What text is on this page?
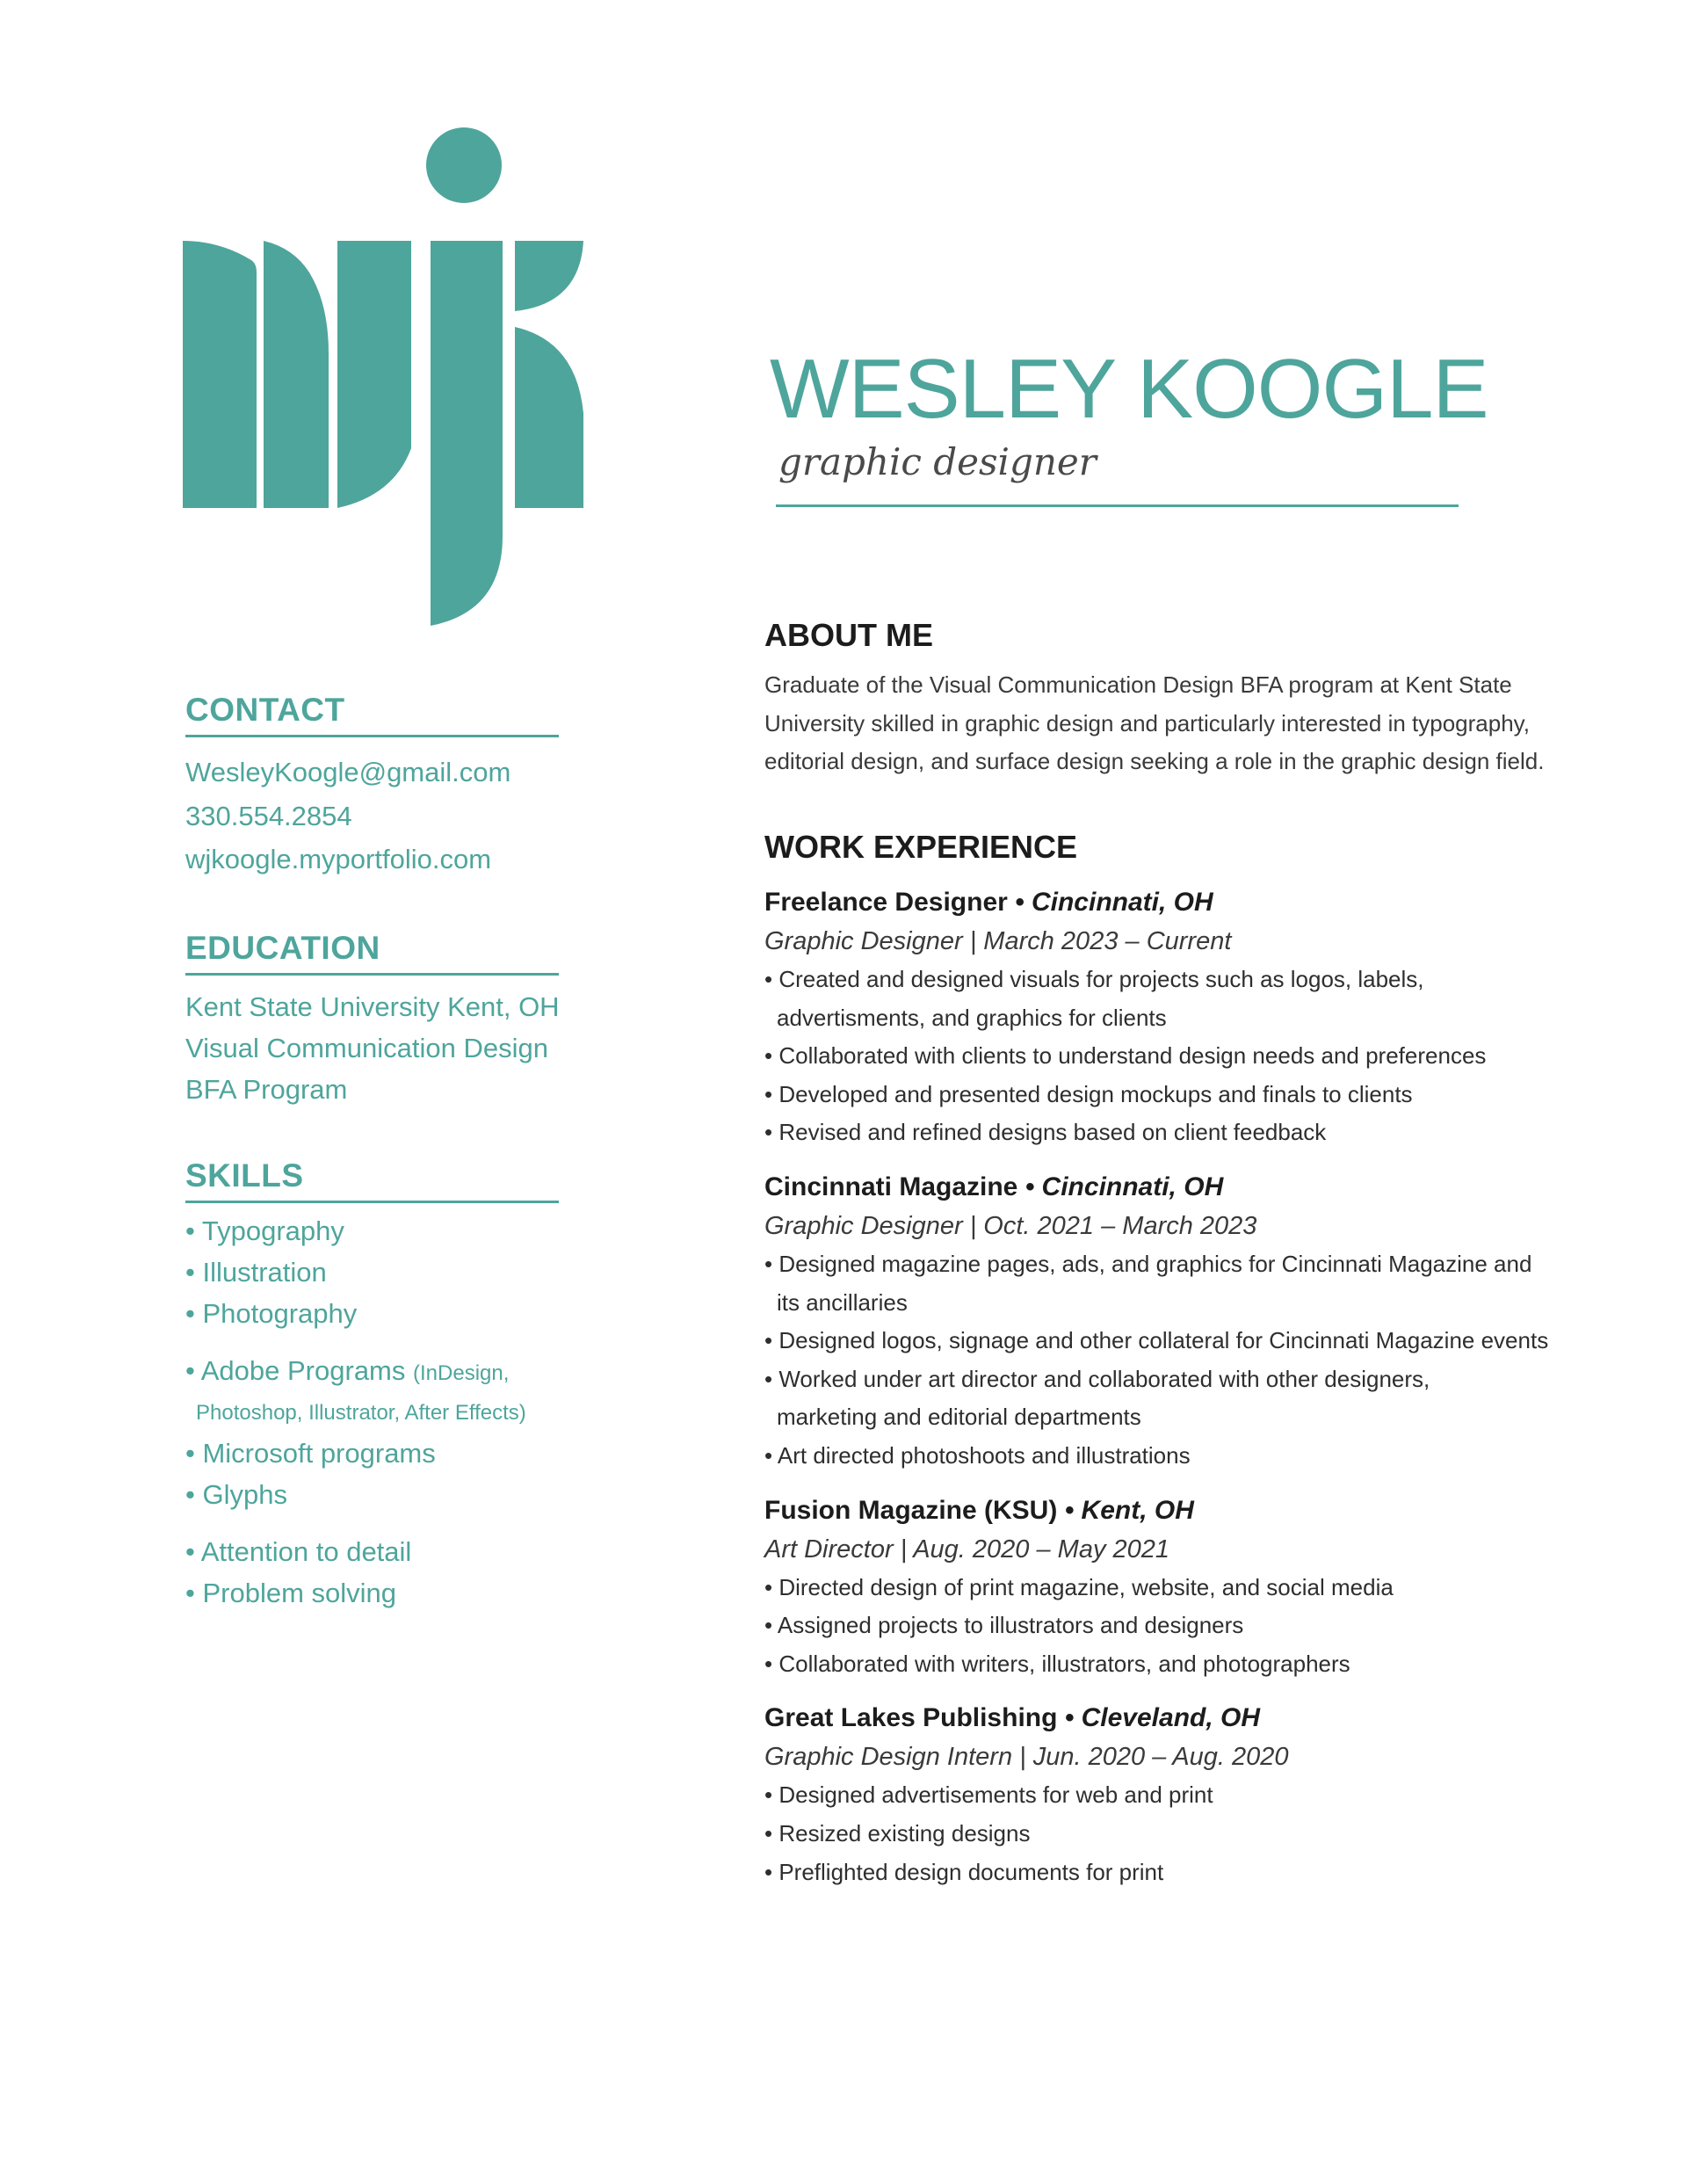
WESLEY KOOGLE
graphic designer
CONTACT
WesleyKoogle@gmail.com
330.554.2854
wjkoogle.myportfolio.com
EDUCATION
Kent State University Kent, OH
Visual Communication Design
BFA Program
SKILLS
• Typography
• Illustration
• Photography
• Adobe Programs (InDesign,
Photoshop, Illustrator, After Effects)
• Microsoft programs
• Glyphs
• Attention to detail
• Problem solving
ABOUT ME
Graduate of the Visual Communication Design BFA program at Kent State
University skilled in graphic design and particularly interested in typography,
editorial design, and surface design seeking a role in the graphic design field.
WORK EXPERIENCE
Freelance Designer • Cincinnati, OH
Graphic Designer | March 2023 – Current
• Created and designed visuals for projects such as logos, labels,
advertisments, and graphics for clients
• Collaborated with clients to understand design needs and preferences
• Developed and presented design mockups and finals to clients
• Revised and refined designs based on client feedback
Cincinnati Magazine • Cincinnati, OH
Graphic Designer | Oct. 2021 – March 2023
• Designed magazine pages, ads, and graphics for Cincinnati Magazine and
its ancillaries
• Designed logos, signage and other collateral for Cincinnati Magazine events
• Worked under art director and collaborated with other designers,
marketing and editorial departments
• Art directed photoshoots and illustrations
Fusion Magazine (KSU) • Kent, OH
Art Director | Aug. 2020 – May 2021
• Directed design of print magazine, website, and social media
• Assigned projects to illustrators and designers
• Collaborated with writers, illustrators, and photographers
Great Lakes Publishing • Cleveland, OH
Graphic Design Intern | Jun. 2020 – Aug. 2020
• Designed advertisements for web and print
• Resized existing designs
• Preflighted design documents for print
